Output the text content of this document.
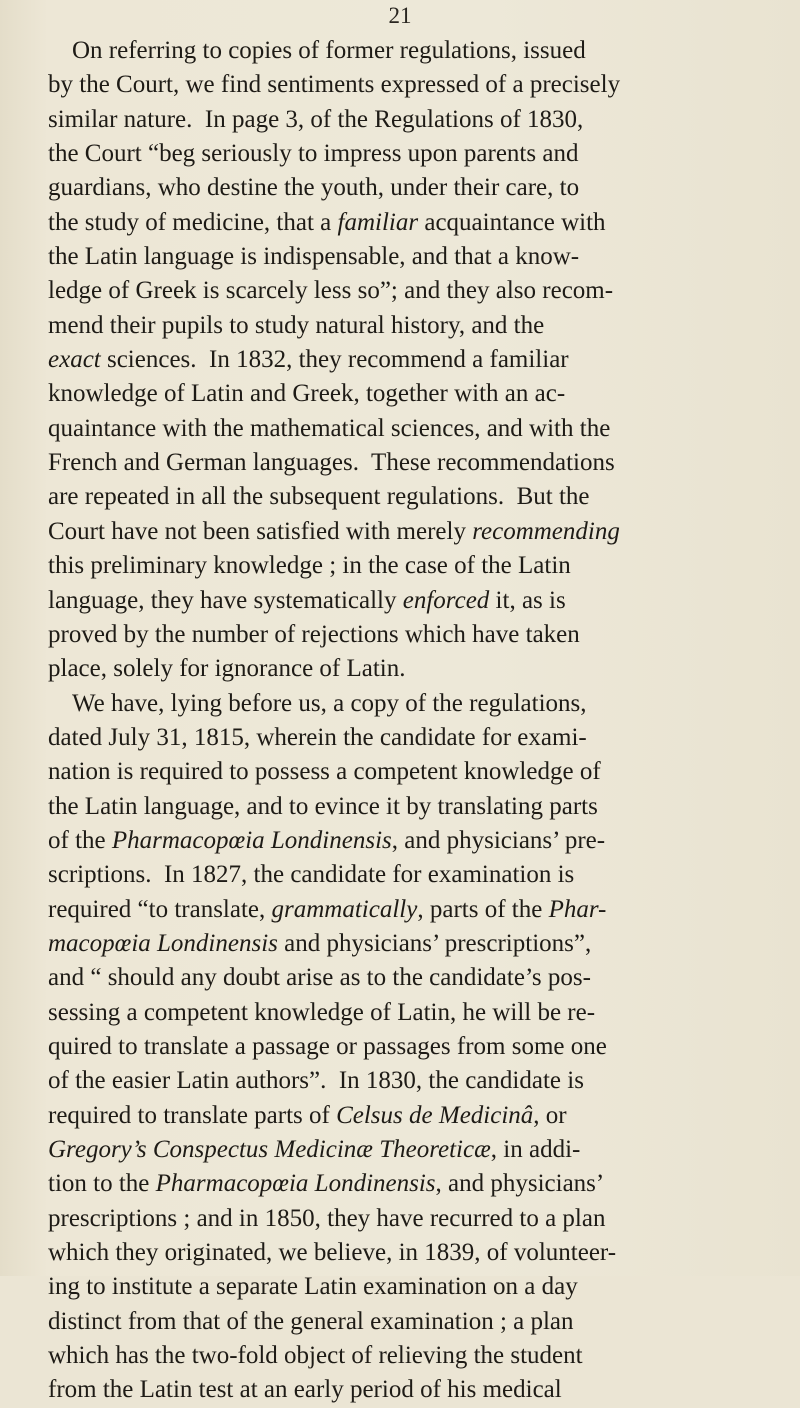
21
On referring to copies of former regulations, issued
by the Court, we find sentiments expressed of a precisely
similar nature.  In page 3, of the Regulations of 1830,
the Court “beg seriously to impress upon parents and
guardians, who destine the youth, under their care, to
the study of medicine, that a familiar acquaintance with
the Latin language is indispensable, and that a know-
ledge of Greek is scarcely less so”; and they also recom-
mend their pupils to study natural history, and the
exact sciences.  In 1832, they recommend a familiar
knowledge of Latin and Greek, together with an ac-
quaintance with the mathematical sciences, and with the
French and German languages.  These recommendations
are repeated in all the subsequent regulations.  But the
Court have not been satisfied with merely recommending
this preliminary knowledge ; in the case of the Latin
language, they have systematically enforced it, as is
proved by the number of rejections which have taken
place, solely for ignorance of Latin.
We have, lying before us, a copy of the regulations,
dated July 31, 1815, wherein the candidate for exami-
nation is required to possess a competent knowledge of
the Latin language, and to evince it by translating parts
of the Pharmacopœia Londinensis, and physicians’ pre-
scriptions.  In 1827, the candidate for examination is
required “to translate, grammatically, parts of the Phar-
macopœia Londinensis and physicians’ prescriptions”,
and “ should any doubt arise as to the candidate’s pos-
sessing a competent knowledge of Latin, he will be re-
quired to translate a passage or passages from some one
of the easier Latin authors”.  In 1830, the candidate is
required to translate parts of Celsus de Medicinâ, or
Gregory’s Conspectus Medicinæ Theoreticæ, in addi-
tion to the Pharmacopœia Londinensis, and physicians’
prescriptions ; and in 1850, they have recurred to a plan
which they originated, we believe, in 1839, of volunteer-
ing to institute a separate Latin examination on a day
distinct from that of the general examination ; a plan
which has the two-fold object of relieving the student
from the Latin test at an early period of his medical
